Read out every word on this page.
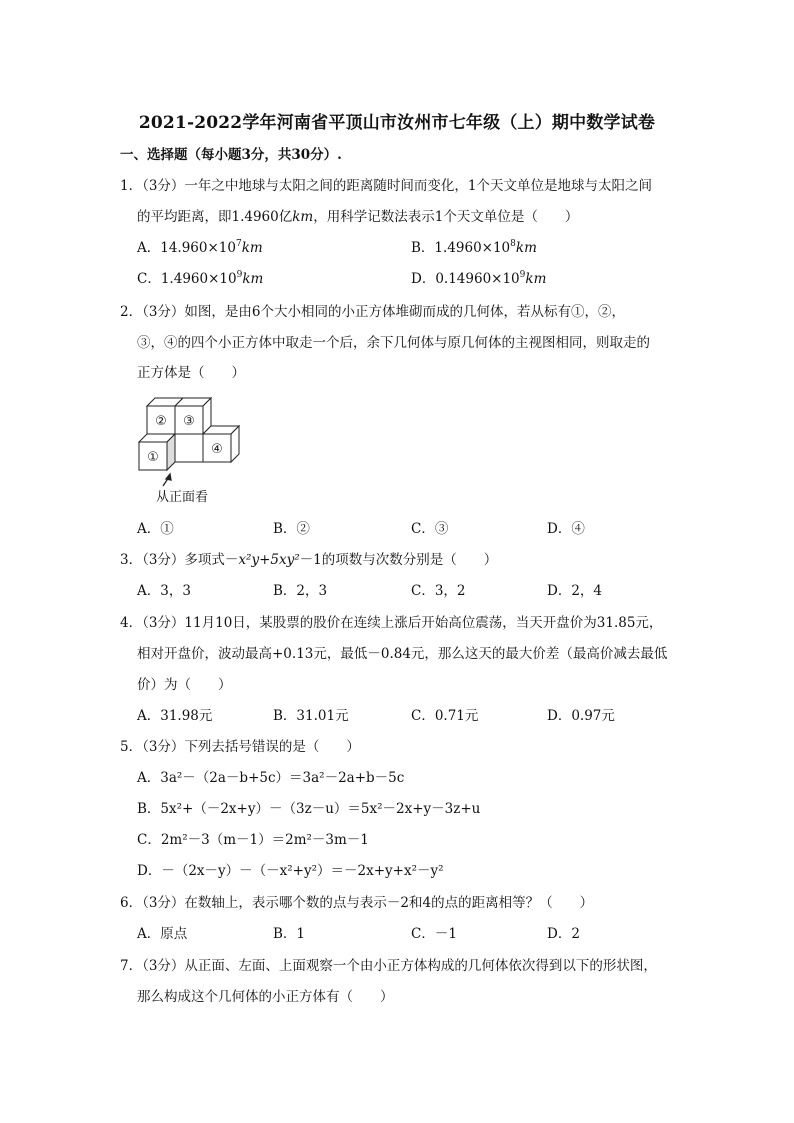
2021-2022学年河南省平顶山市汝州市七年级（上）期中数学试卷
一、选择题（每小题3分，共30分）.
1．（3分）一年之中地球与太阳之间的距离随时间而变化，1个天文单位是地球与太阳之间
的平均距离，即1.4960亿km，用科学记数法表示1个天文单位是（　　）
A．$14.960\times 10^7km$	B．$1.4960\times 10^8km$
C．$1.4960\times 10^9km$	D．$0.14960\times 10^9km$
2．（3分）如图，是由6个大小相同的小正方体堆砌而成的几何体，若从标有①，②，
③，④的四个小正方体中取走一个后，余下几何体与原几何体的主视图相同，则取走的
正方体是（　　）
② ③
①
④
从正面看
A．①	B．②	C．③	D．④
3．（3分）多项式－x²y+5xy²－1的项数与次数分别是（　　）
A．3，3	B．2，3	C．3，2	D．2，4
4．（3分）11月10日，某股票的股价在连续上涨后开始高位震荡，当天开盘价为31.85元，
相对开盘价，波动最高+0.13元，最低－0.84元，那么这天的最大价差（最高价减去最低
价）为（　　）
A．31.98元	B．31.01元	C．0.71元	D．0.97元
5．（3分）下列去括号错误的是（　　）
A．3a²－（2a－b+5c）＝3a²－2a+b－5c
B．5x²+（－2x+y）－（3z－u）＝5x²－2x+y－3z+u
C．2m²－3（m－1）＝2m²－3m－1
D．－（2x－y）－（－x²+y²）＝－2x+y+x²－y²
6．（3分）在数轴上，表示哪个数的点与表示－2和4的点的距离相等？（　　）
A．原点	B．1	C．－1	D．2
7．（3分）从正面、左面、上面观察一个由小正方体构成的几何体依次得到以下的形状图，
那么构成这个几何体的小正方体有（　　）
